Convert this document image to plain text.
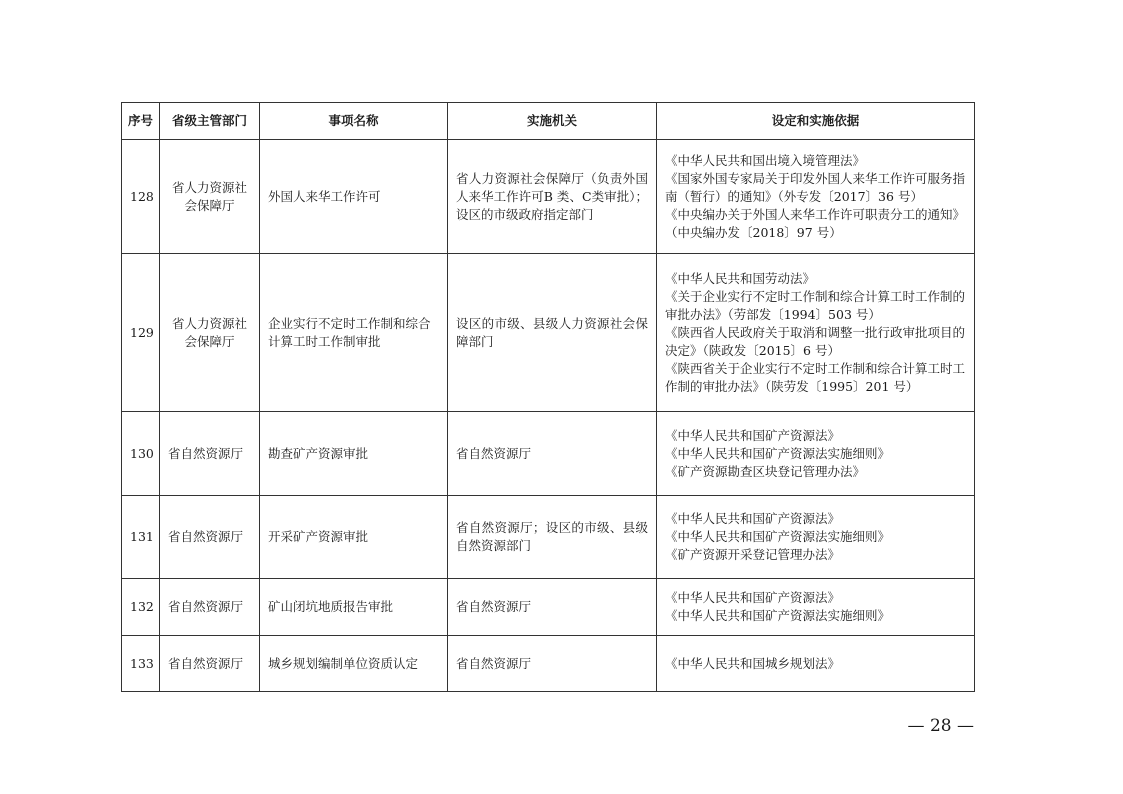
序号	省级主管部门	事项名称	实施机关	设定和实施依据
128	省人力资源社会保障厅	外国人来华工作许可	省人力资源社会保障厅（负责外国人来华工作许可B 类、C类审批）；设区的市级政府指定部门	《中华人民共和国出境入境管理法》
《国家外国专家局关于印发外国人来华工作许可服务指南（暂行）的通知》（外专发〔2017〕36 号）
《中央编办关于外国人来华工作许可职责分工的通知》（中央编办发〔2018〕97 号）

129	省人力资源社会保障厅	企业实行不定时工作制和综合计算工时工作制审批	设区的市级、县级人力资源社会保障部门	《中华人民共和国劳动法》
《关于企业实行不定时工作制和综合计算工时工作制的审批办法》（劳部发〔1994〕503 号）
《陕西省人民政府关于取消和调整一批行政审批项目的决定》（陕政发〔2015〕6 号）
《陕西省关于企业实行不定时工作制和综合计算工时工作制的审批办法》（陕劳发〔1995〕201 号）

130	省自然资源厅	勘查矿产资源审批	省自然资源厅	《中华人民共和国矿产资源法》
《中华人民共和国矿产资源法实施细则》
《矿产资源勘查区块登记管理办法》

131	省自然资源厅	开采矿产资源审批	省自然资源厅；设区的市级、县级自然资源部门	《中华人民共和国矿产资源法》
《中华人民共和国矿产资源法实施细则》
《矿产资源开采登记管理办法》

132	省自然资源厅	矿山闭坑地质报告审批	省自然资源厅	《中华人民共和国矿产资源法》
《中华人民共和国矿产资源法实施细则》

133	省自然资源厅	城乡规划编制单位资质认定	省自然资源厅	《中华人民共和国城乡规划法》
— 28 —
